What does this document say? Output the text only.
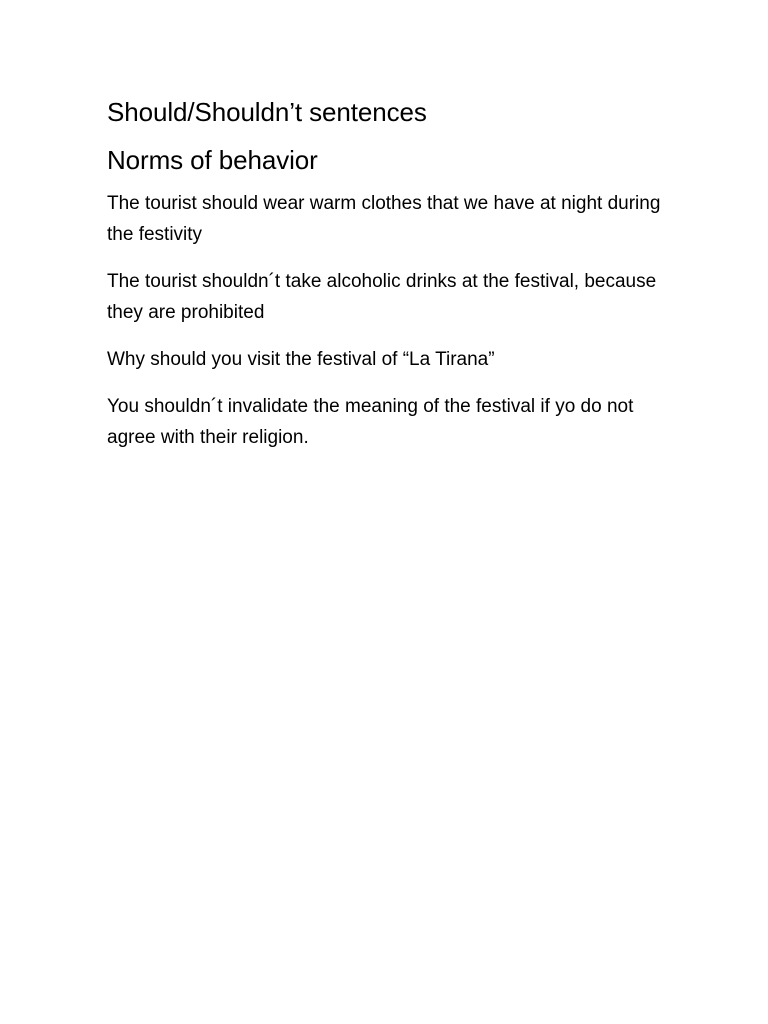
Should/Shouldn’t sentences
Norms of behavior

The tourist should wear warm clothes that we have at night during the festivity

The tourist shouldn´t take alcoholic drinks at the festival, because they are prohibited

Why should you visit the festival of “La Tirana”

You shouldn´t invalidate the meaning of the festival if yo do not agree with their religion.
